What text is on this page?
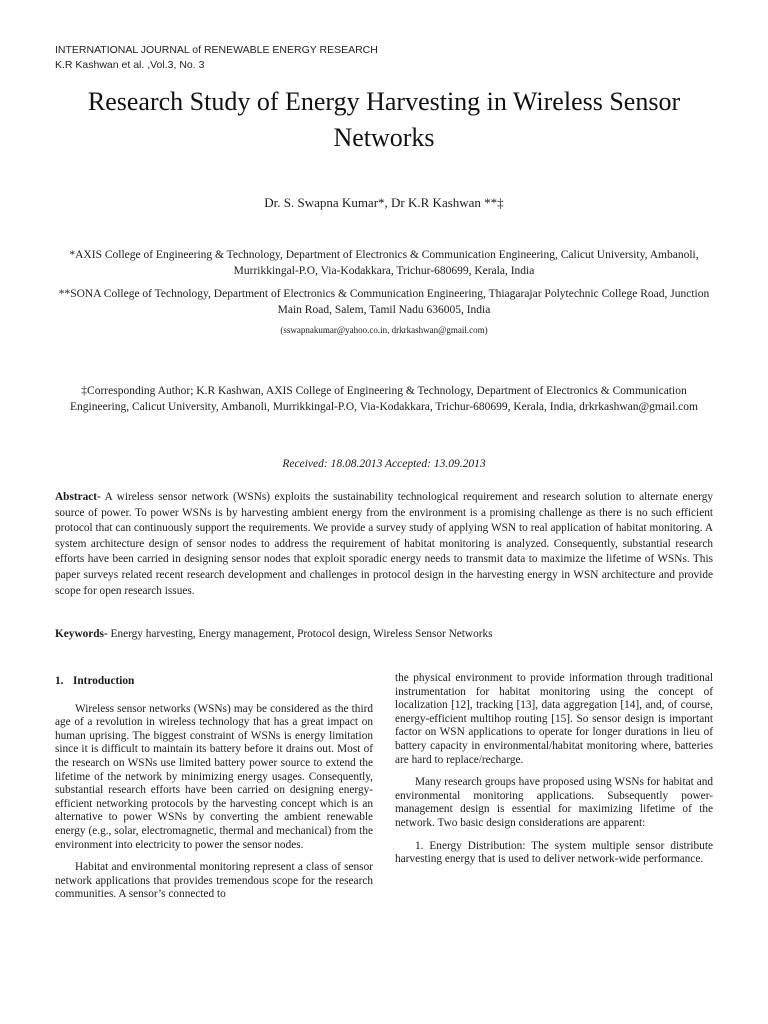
INTERNATIONAL JOURNAL of RENEWABLE ENERGY RESEARCH
K.R Kashwan et al. ,Vol.3, No. 3
Research Study of Energy Harvesting in Wireless Sensor Networks
Dr. S. Swapna Kumar*, Dr K.R Kashwan **‡
*AXIS College of Engineering & Technology, Department of Electronics & Communication Engineering, Calicut University, Ambanoli, Murrikkingal-P.O, Via-Kodakkara, Trichur-680699, Kerala, India
**SONA College of Technology, Department of Electronics & Communication Engineering, Thiagarajar Polytechnic College Road, Junction Main Road, Salem, Tamil Nadu 636005, India
(sswapnakumar@yahoo.co.in, drkrkashwan@gmail.com)
‡Corresponding Author; K.R Kashwan, AXIS College of Engineering & Technology, Department of Electronics & Communication Engineering, Calicut University, Ambanoli, Murrikkingal-P.O, Via-Kodakkara, Trichur-680699, Kerala, India, drkrkashwan@gmail.com
Received: 18.08.2013 Accepted: 13.09.2013
Abstract- A wireless sensor network (WSNs) exploits the sustainability technological requirement and research solution to alternate energy source of power. To power WSNs is by harvesting ambient energy from the environment is a promising challenge as there is no such efficient protocol that can continuously support the requirements. We provide a survey study of applying WSN to real application of habitat monitoring. A system architecture design of sensor nodes to address the requirement of habitat monitoring is analyzed. Consequently, substantial research efforts have been carried in designing sensor nodes that exploit sporadic energy needs to transmit data to maximize the lifetime of WSNs. This paper surveys related recent research development and challenges in protocol design in the harvesting energy in WSN architecture and provide scope for open research issues.
Keywords- Energy harvesting, Energy management, Protocol design, Wireless Sensor Networks
1. Introduction

Wireless sensor networks (WSNs) may be considered as the third age of a revolution in wireless technology that has a great impact on human uprising. The biggest constraint of WSNs is energy limitation since it is difficult to maintain its battery before it drains out. Most of the research on WSNs use limited battery power source to extend the lifetime of the network by minimizing energy usages. Consequently, substantial research efforts have been carried on designing energy-efficient networking protocols by the harvesting concept which is an alternative to power WSNs by converting the ambient renewable energy (e.g., solar, electromagnetic, thermal and mechanical) from the environment into electricity to power the sensor nodes.

Habitat and environmental monitoring represent a class of sensor network applications that provides tremendous scope for the research communities. A sensor’s connected to

the physical environment to provide information through traditional instrumentation for habitat monitoring using the concept of localization [12], tracking [13], data aggregation [14], and, of course, energy-efficient multihop routing [15]. So sensor design is important factor on WSN applications to operate for longer durations in lieu of battery capacity in environmental/habitat monitoring where, batteries are hard to replace/recharge.

Many research groups have proposed using WSNs for habitat and environmental monitoring applications. Subsequently power-management design is essential for maximizing lifetime of the network. Two basic design considerations are apparent:

1. Energy Distribution: The system multiple sensor distribute harvesting energy that is used to deliver network-wide performance.
